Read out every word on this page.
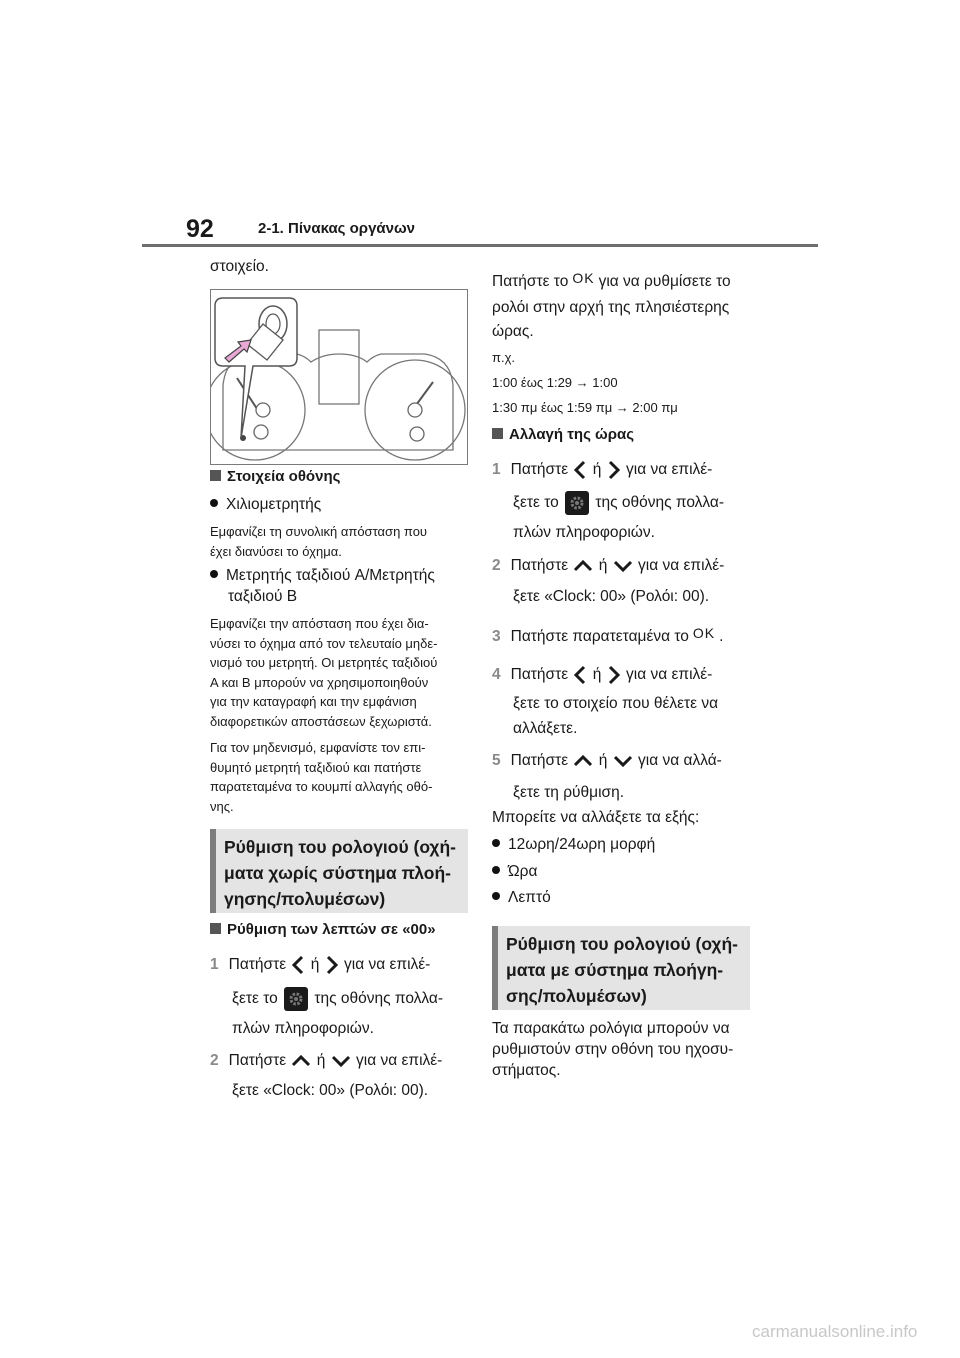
92	2-1. Πίνακας οργάνων
στοιχείο.
Στοιχεία οθόνης
Χιλιομετρητής
Εμφανίζει τη συνολική απόσταση που
έχει διανύσει το όχημα.
Μετρητής ταξιδιού A/Μετρητής
ταξιδιού B
Εμφανίζει την απόσταση που έχει δια-
νύσει το όχημα από τον τελευταίο μηδε-
νισμό του μετρητή. Οι μετρητές ταξιδιού
A και B μπορούν να χρησιμοποιηθούν
για την καταγραφή και την εμφάνιση
διαφορετικών αποστάσεων ξεχωριστά.
Για τον μηδενισμό, εμφανίστε τον επι-
θυμητό μετρητή ταξιδιού και πατήστε
παρατεταμένα το κουμπί αλλαγής οθό-
νης.
Ρύθμιση του ρολογιού (οχή-
ματα χωρίς σύστημα πλοή-
γησης/πολυμέσων)
Ρύθμιση των λεπτών σε «00»
1 Πατήστε ή για να επιλέ-
ξετε το της οθόνης πολλα-
πλών πληροφοριών.
2 Πατήστε ή για να επιλέ-
ξετε «Clock: 00» (Ρολόι: 00).
Πατήστε το OK για να ρυθμίσετε το
ρολόι στην αρχή της πλησιέστερης
ώρας.
π.χ.
1:00 έως 1:29 → 1:00
1:30 πμ έως 1:59 πμ → 2:00 πμ
Αλλαγή της ώρας
1 Πατήστε ή για να επιλέ-
ξετε το της οθόνης πολλα-
πλών πληροφοριών.
2 Πατήστε ή για να επιλέ-
ξετε «Clock: 00» (Ρολόι: 00).
3 Πατήστε παρατεταμένα το OK .
4 Πατήστε ή για να επιλέ-
ξετε το στοιχείο που θέλετε να
αλλάξετε.
5 Πατήστε ή για να αλλά-
ξετε τη ρύθμιση.
Μπορείτε να αλλάξετε τα εξής:
12ωρη/24ωρη μορφή
Ώρα
Λεπτό
Ρύθμιση του ρολογιού (οχή-
ματα με σύστημα πλοήγη-
σης/πολυμέσων)
Τα παρακάτω ρολόγια μπορούν να
ρυθμιστούν στην οθόνη του ηχοσυ-
στήματος.
carmanualsonline.info
